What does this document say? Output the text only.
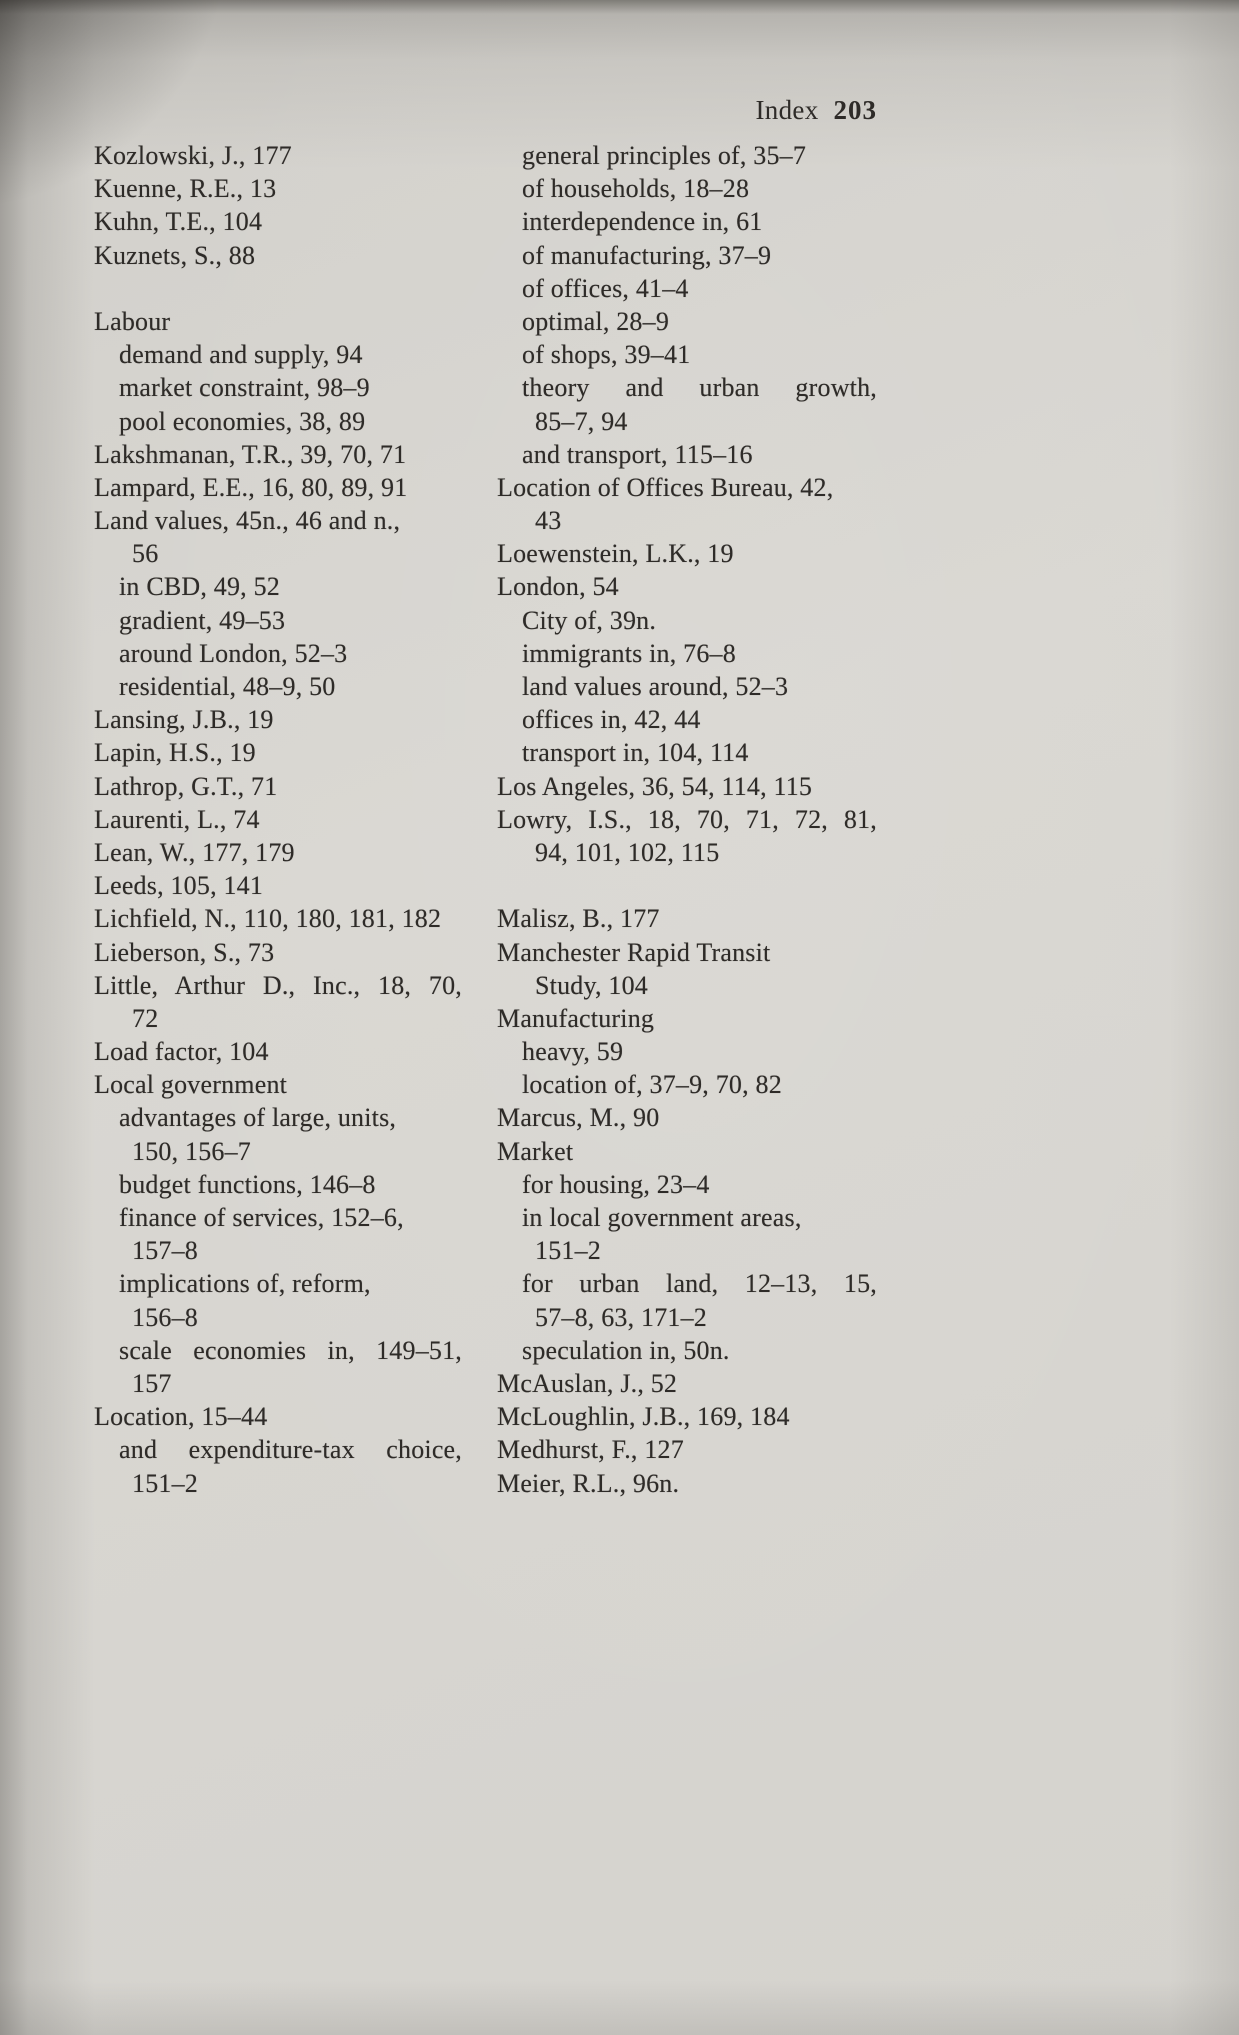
Index 203
Kozlowski, J., 177
Kuenne, R.E., 13
Kuhn, T.E., 104
Kuznets, S., 88
Labour
demand and supply, 94
market constraint, 98–9
pool economies, 38, 89
Lakshmanan, T.R., 39, 70, 71
Lampard, E.E., 16, 80, 89, 91
Land values, 45n., 46 and n.,
56
in CBD, 49, 52
gradient, 49–53
around London, 52–3
residential, 48–9, 50
Lansing, J.B., 19
Lapin, H.S., 19
Lathrop, G.T., 71
Laurenti, L., 74
Lean, W., 177, 179
Leeds, 105, 141
Lichfield, N., 110, 180, 181, 182
Lieberson, S., 73
Little, Arthur D., Inc., 18, 70,
72
Load factor, 104
Local government
advantages of large, units,
150, 156–7
budget functions, 146–8
finance of services, 152–6,
157–8
implications of, reform,
156–8
scale economies in, 149–51,
157
Location, 15–44
and expenditure-tax choice,
151–2
general principles of, 35–7
of households, 18–28
interdependence in, 61
of manufacturing, 37–9
of offices, 41–4
optimal, 28–9
of shops, 39–41
theory and urban growth,
85–7, 94
and transport, 115–16
Location of Offices Bureau, 42,
43
Loewenstein, L.K., 19
London, 54
City of, 39n.
immigrants in, 76–8
land values around, 52–3
offices in, 42, 44
transport in, 104, 114
Los Angeles, 36, 54, 114, 115
Lowry, I.S., 18, 70, 71, 72, 81,
94, 101, 102, 115
Malisz, B., 177
Manchester Rapid Transit
Study, 104
Manufacturing
heavy, 59
location of, 37–9, 70, 82
Marcus, M., 90
Market
for housing, 23–4
in local government areas,
151–2
for urban land, 12–13, 15,
57–8, 63, 171–2
speculation in, 50n.
McAuslan, J., 52
McLoughlin, J.B., 169, 184
Medhurst, F., 127
Meier, R.L., 96n.
